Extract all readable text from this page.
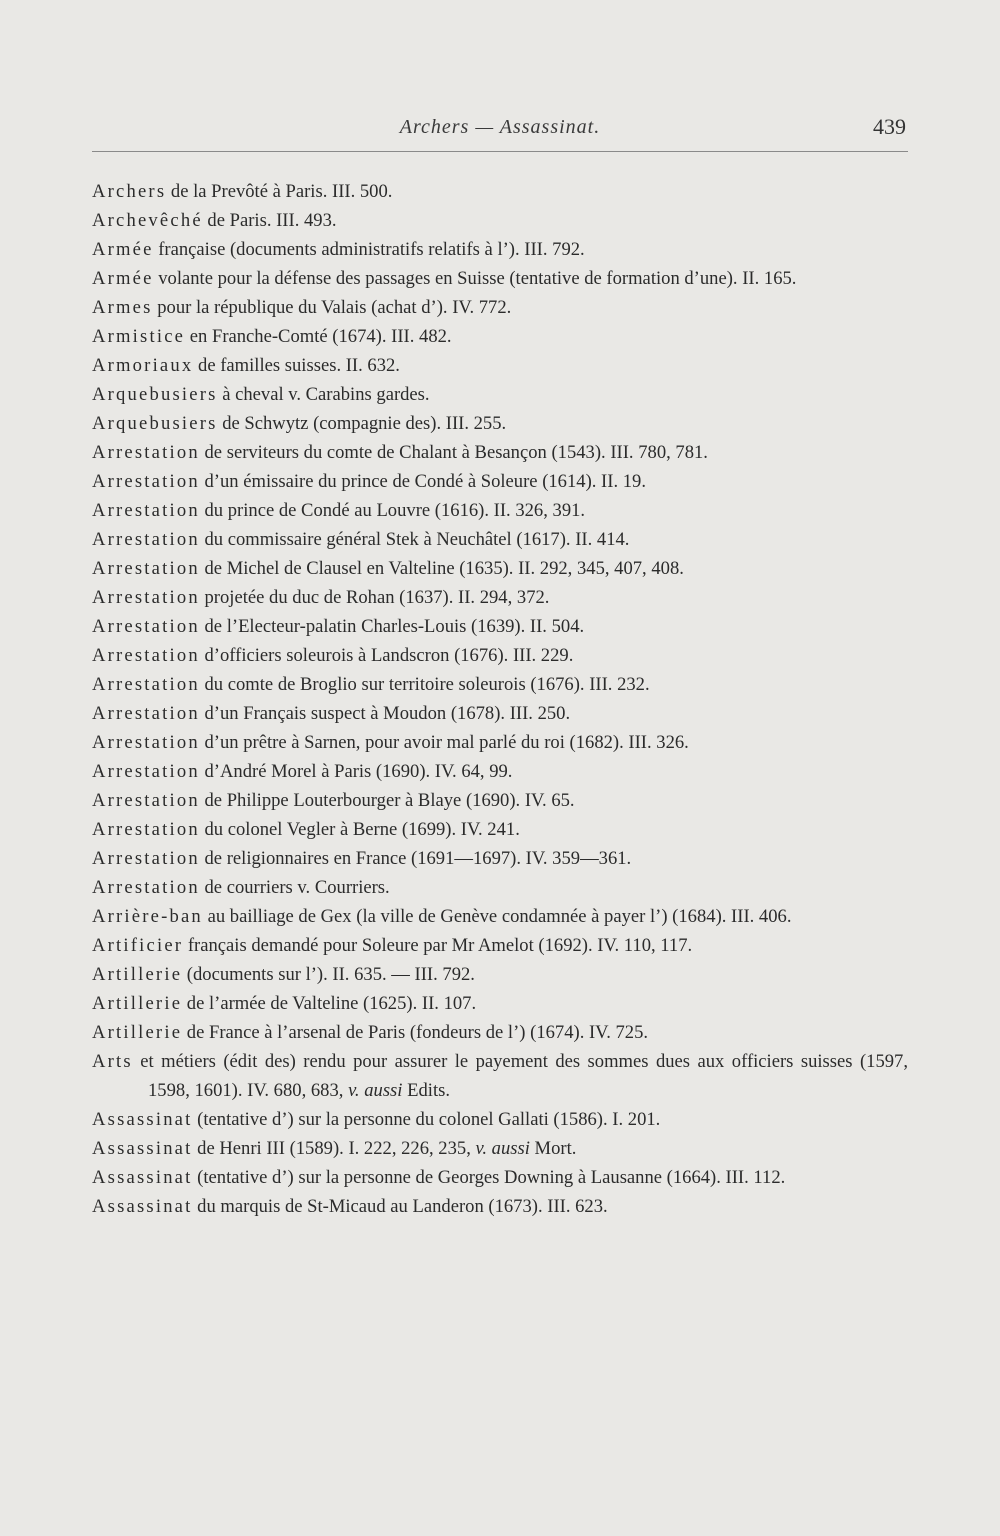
Archers — Assassinat.	439

Archers de la Prevôté à Paris. III. 500.

Archevêché de Paris. III. 493.

Armée française (documents administratifs relatifs à l’). III. 792.

Armée volante pour la défense des passages en Suisse (tentative de formation d’une). II. 165.

Armes pour la république du Valais (achat d’). IV. 772.

Armistice en Franche-Comté (1674). III. 482.

Armoriaux de familles suisses. II. 632.

Arquebusiers à cheval v. Carabins gardes.

Arquebusiers de Schwytz (compagnie des). III. 255.

Arrestation de serviteurs du comte de Chalant à Besançon (1543). III. 780, 781.

Arrestation d’un émissaire du prince de Condé à Soleure (1614). II. 19.

Arrestation du prince de Condé au Louvre (1616). II. 326, 391.

Arrestation du commissaire général Stek à Neuchâtel (1617). II. 414.

Arrestation de Michel de Clausel en Valteline (1635). II. 292, 345, 407, 408.

Arrestation projetée du duc de Rohan (1637). II. 294, 372.

Arrestation de l’Electeur-palatin Charles-Louis (1639). II. 504.

Arrestation d’officiers soleurois à Landscron (1676). III. 229.

Arrestation du comte de Broglio sur territoire soleurois (1676). III. 232.

Arrestation d’un Français suspect à Moudon (1678). III. 250.

Arrestation d’un prêtre à Sarnen, pour avoir mal parlé du roi (1682). III. 326.

Arrestation d’André Morel à Paris (1690). IV. 64, 99.

Arrestation de Philippe Louterbourger à Blaye (1690). IV. 65.

Arrestation du colonel Vegler à Berne (1699). IV. 241.

Arrestation de religionnaires en France (1691—1697). IV. 359—361.

Arrestation de courriers v. Courriers.

Arrière-ban au bailliage de Gex (la ville de Genève condamnée à payer l’) (1684). III. 406.

Artificier français demandé pour Soleure par Mr Amelot (1692). IV. 110, 117.

Artillerie (documents sur l’). II. 635. — III. 792.

Artillerie de l’armée de Valteline (1625). II. 107.

Artillerie de France à l’arsenal de Paris (fondeurs de l’) (1674). IV. 725.

Arts et métiers (édit des) rendu pour assurer le payement des sommes dues aux officiers suisses (1597, 1598, 1601). IV. 680, 683, v. aussi Edits.

Assassinat (tentative d’) sur la personne du colonel Gallati (1586). I. 201.

Assassinat de Henri III (1589). I. 222, 226, 235, v. aussi Mort.

Assassinat (tentative d’) sur la personne de Georges Downing à Lausanne (1664). III. 112.

Assassinat du marquis de St-Micaud au Landeron (1673). III. 623.
